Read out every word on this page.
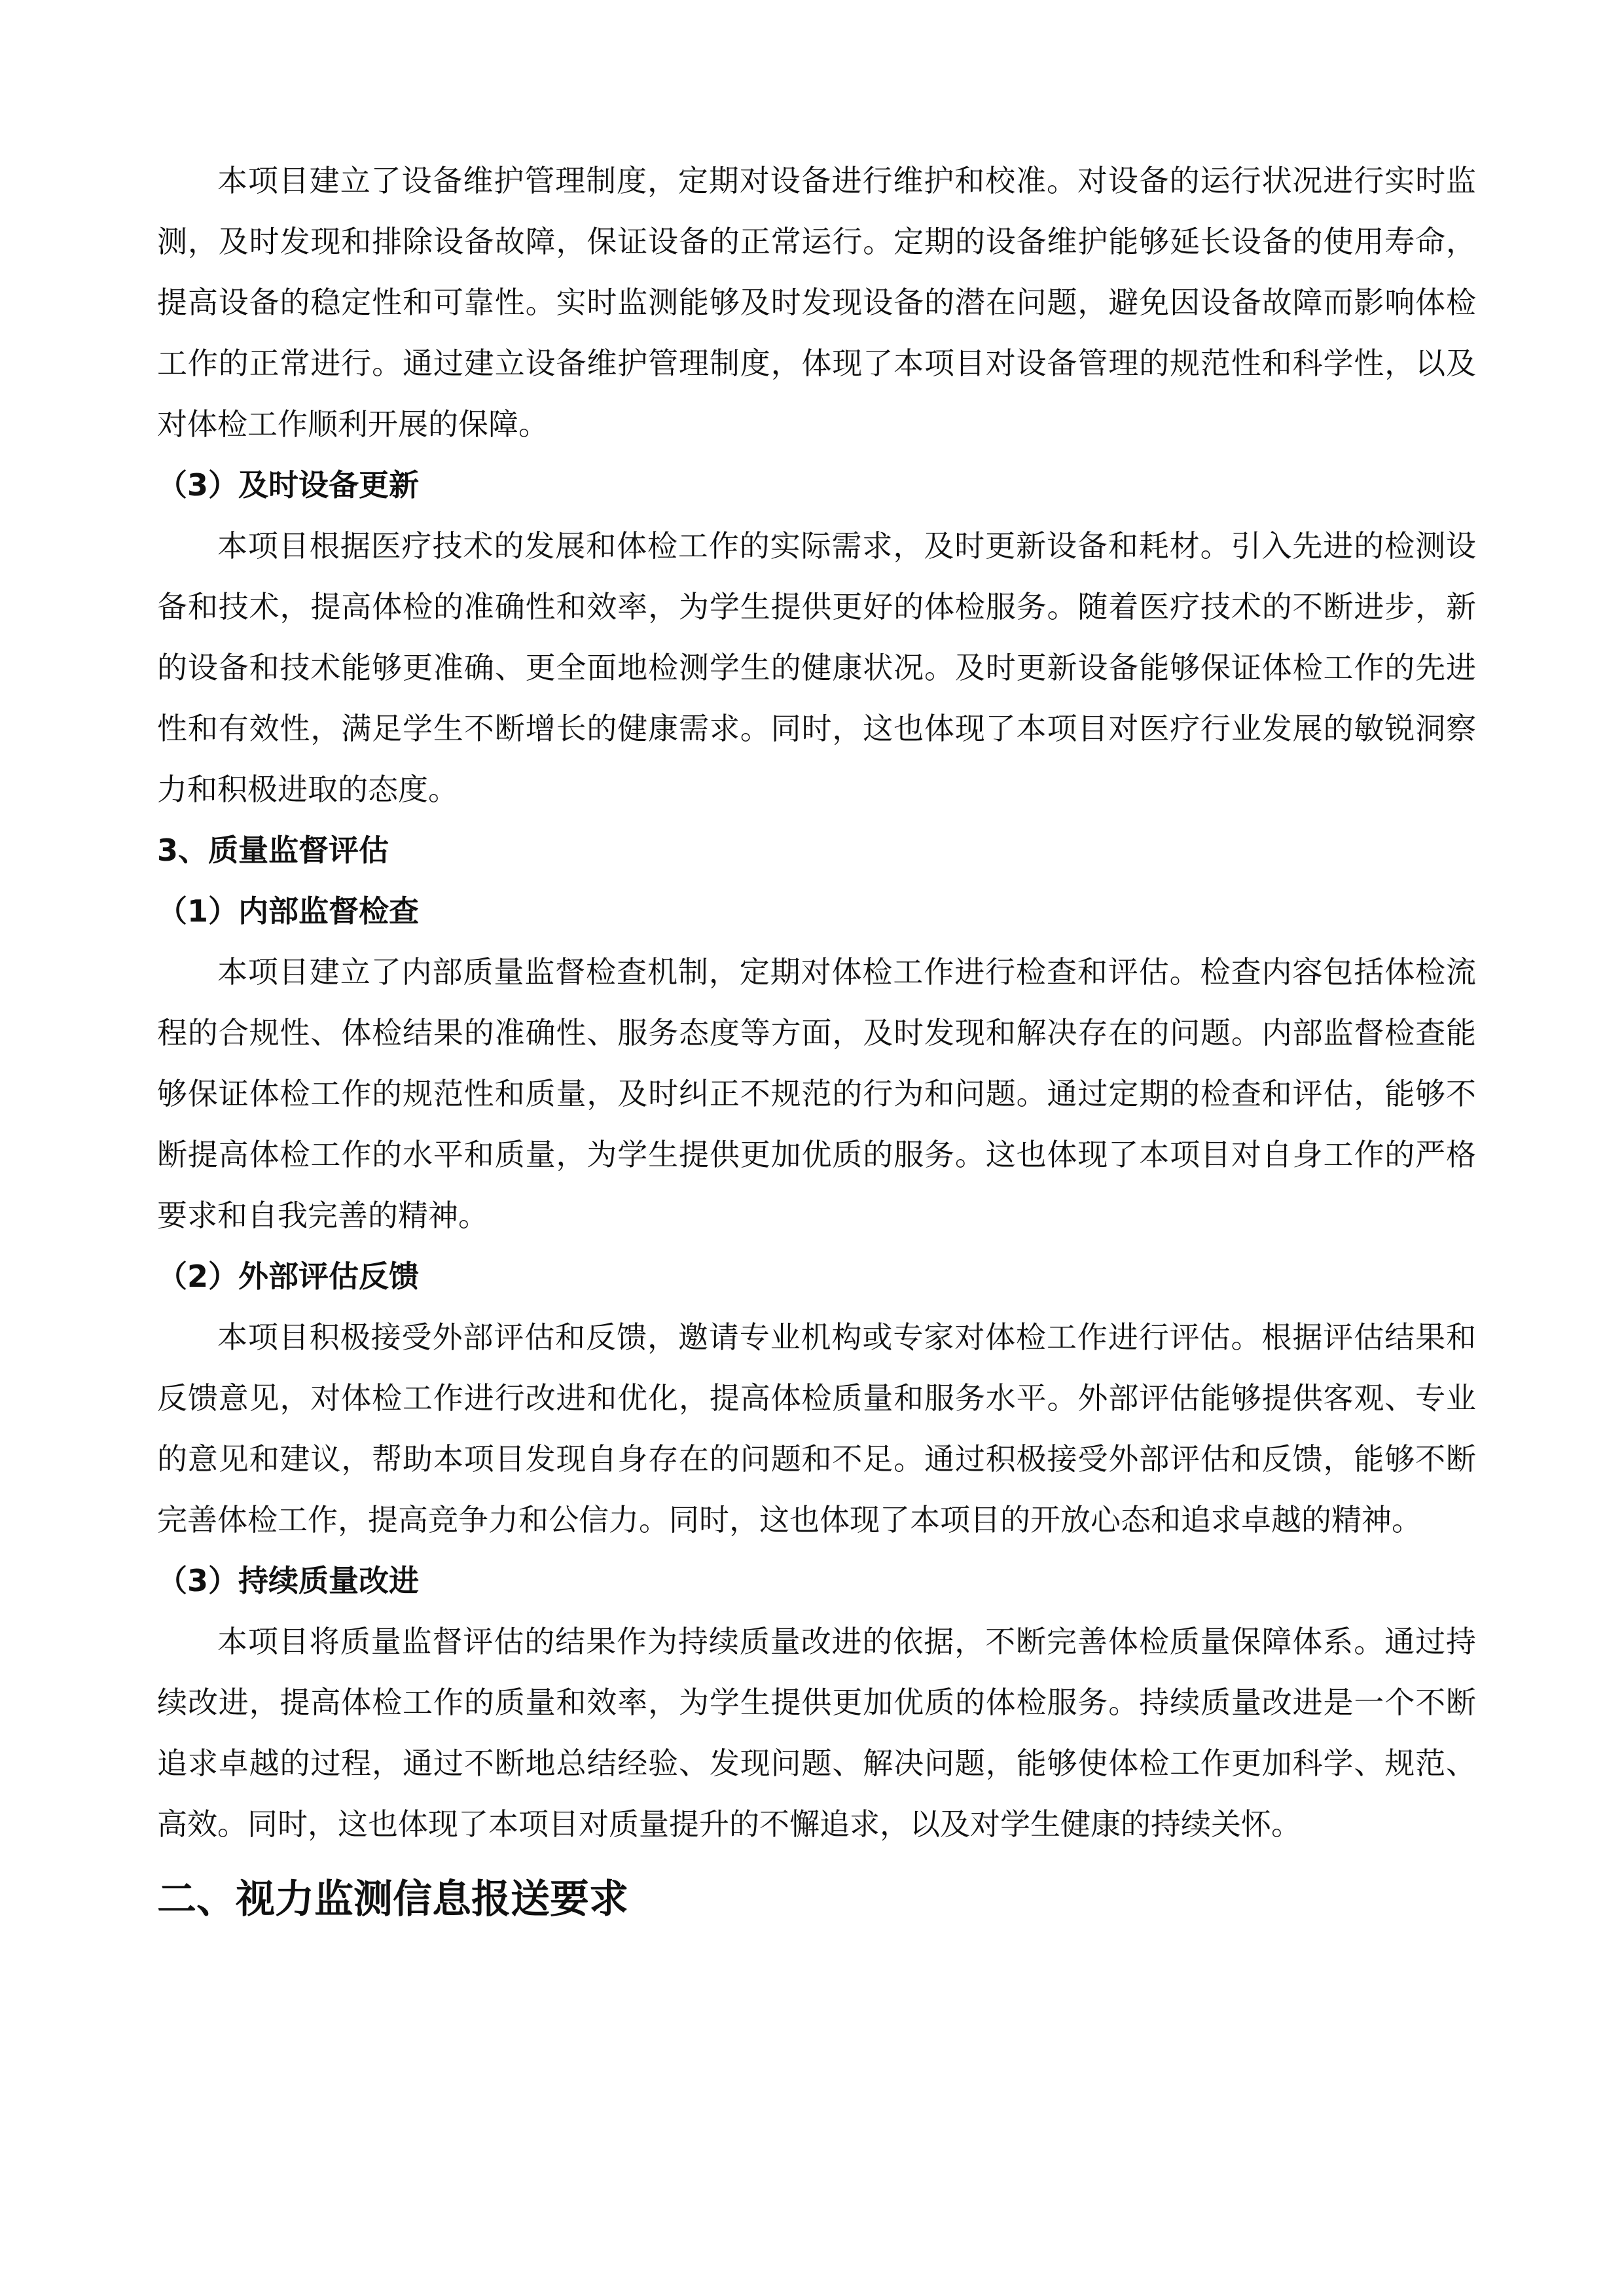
本项目建立了设备维护管理制度，定期对设备进行维护和校准。对设备的运行状况进行实时监测，及时发现和排除设备故障，保证设备的正常运行。定期的设备维护能够延长设备的使用寿命，提高设备的稳定性和可靠性。实时监测能够及时发现设备的潜在问题，避免因设备故障而影响体检工作的正常进行。通过建立设备维护管理制度，体现了本项目对设备管理的规范性和科学性，以及对体检工作顺利开展的保障。

（3）及时设备更新

本项目根据医疗技术的发展和体检工作的实际需求，及时更新设备和耗材。引入先进的检测设备和技术，提高体检的准确性和效率，为学生提供更好的体检服务。随着医疗技术的不断进步，新的设备和技术能够更准确、更全面地检测学生的健康状况。及时更新设备能够保证体检工作的先进性和有效性，满足学生不断增长的健康需求。同时，这也体现了本项目对医疗行业发展的敏锐洞察力和积极进取的态度。

3、质量监督评估

（1）内部监督检查

本项目建立了内部质量监督检查机制，定期对体检工作进行检查和评估。检查内容包括体检流程的合规性、体检结果的准确性、服务态度等方面，及时发现和解决存在的问题。内部监督检查能够保证体检工作的规范性和质量，及时纠正不规范的行为和问题。通过定期的检查和评估，能够不断提高体检工作的水平和质量，为学生提供更加优质的服务。这也体现了本项目对自身工作的严格要求和自我完善的精神。

（2）外部评估反馈

本项目积极接受外部评估和反馈，邀请专业机构或专家对体检工作进行评估。根据评估结果和反馈意见，对体检工作进行改进和优化，提高体检质量和服务水平。外部评估能够提供客观、专业的意见和建议，帮助本项目发现自身存在的问题和不足。通过积极接受外部评估和反馈，能够不断完善体检工作，提高竞争力和公信力。同时，这也体现了本项目的开放心态和追求卓越的精神。

（3）持续质量改进

本项目将质量监督评估的结果作为持续质量改进的依据，不断完善体检质量保障体系。通过持续改进，提高体检工作的质量和效率，为学生提供更加优质的体检服务。持续质量改进是一个不断追求卓越的过程，通过不断地总结经验、发现问题、解决问题，能够使体检工作更加科学、规范、高效。同时，这也体现了本项目对质量提升的不懈追求，以及对学生健康的持续关怀。

二、视力监测信息报送要求
